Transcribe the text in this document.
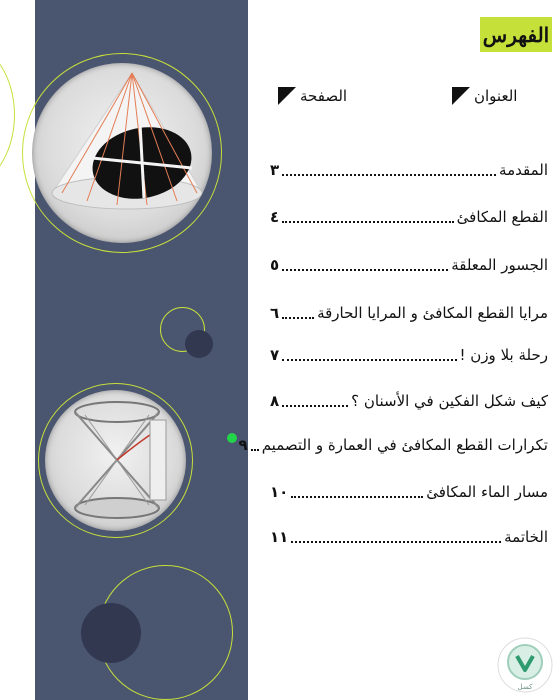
الفهرس
العنوان
الصفحة
المقدمة
٣
القطع المكافئ
٤
الجسور المعلقة
٥
مرايا القطع المكافئ و المرايا الحارقة
٦
رحلة بلا وزن !
٧
كيف شكل الفكين في الأسنان ؟
٨
تكرارات القطع المكافئ في العمارة و التصميم
٩
مسار الماء المكافئ
١٠
الخاتمة
١١
كسل
